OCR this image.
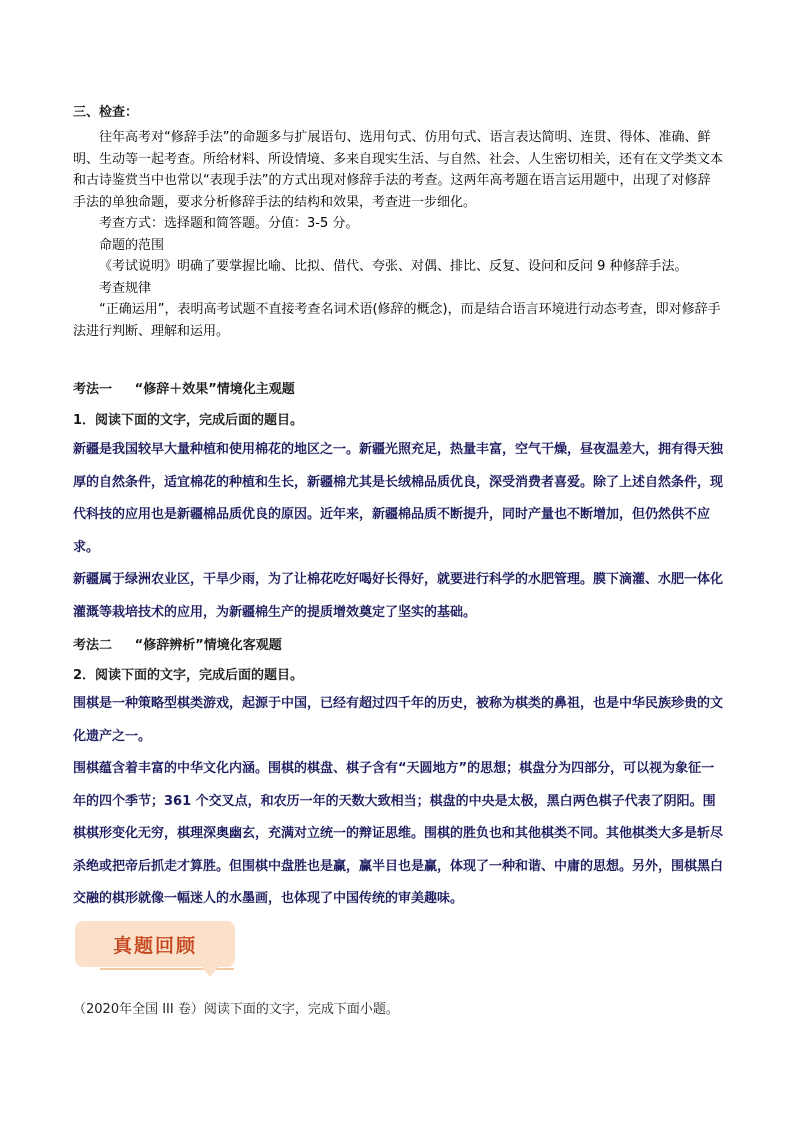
三、检查：

往年高考对“修辞手法”的命题多与扩展语句、选用句式、仿用句式、语言表达简明、连贯、得体、准确、鲜明、生动等一起考查。所给材料、所设情境、多来自现实生活、与自然、社会、人生密切相关，还有在文学类文本和古诗鉴赏当中也常以“表现手法”的方式出现对修辞手法的考查。这两年高考题在语言运用题中，出现了对修辞手法的单独命题，要求分析修辞手法的结构和效果，考查进一步细化。

考查方式：选择题和简答题。分值：3-5 分。

命题的范围

《考试说明》明确了要掌握比喻、比拟、借代、夸张、对偶、排比、反复、设问和反问 9 种修辞手法。

考查规律

“正确运用”，表明高考试题不直接考查名词术语(修辞的概念)，而是结合语言环境进行动态考查，即对修辞手法进行判断、理解和运用。

考法一 “修辞＋效果”情境化主观题
1．阅读下面的文字，完成后面的题目。

新疆是我国较早大量种植和使用棉花的地区之一。新疆光照充足，热量丰富，空气干燥，昼夜温差大，拥有得天独厚的自然条件，适宜棉花的种植和生长，新疆棉尤其是长绒棉品质优良，深受消费者喜爱。除了上述自然条件，现代科技的应用也是新疆棉品质优良的原因。近年来，新疆棉品质不断提升，同时产量也不断增加，但仍然供不应求。

新疆属于绿洲农业区，干旱少雨，为了让棉花吃好喝好长得好，就要进行科学的水肥管理。膜下滴灌、水肥一体化灌溉等栽培技术的应用，为新疆棉生产的提质增效奠定了坚实的基础。

考法二 “修辞辨析”情境化客观题
2．阅读下面的文字，完成后面的题目。

围棋是一种策略型棋类游戏，起源于中国，已经有超过四千年的历史，被称为棋类的鼻祖，也是中华民族珍贵的文化遗产之一。

围棋蕴含着丰富的中华文化内涵。围棋的棋盘、棋子含有“天圆地方”的思想；棋盘分为四部分，可以视为象征一年的四个季节；361 个交叉点，和农历一年的天数大致相当；棋盘的中央是太极，黑白两色棋子代表了阴阳。围棋棋形变化无穷，棋理深奥幽玄，充满对立统一的辩证思维。围棋的胜负也和其他棋类不同。其他棋类大多是斩尽杀绝或把帝后抓走才算胜。但围棋中盘胜也是赢，赢半目也是赢，体现了一种和谐、中庸的思想。另外，围棋黑白交融的棋形就像一幅迷人的水墨画，也体现了中国传统的审美趣味。

真题回顾
（2020年全国 III 卷）阅读下面的文字，完成下面小题。
